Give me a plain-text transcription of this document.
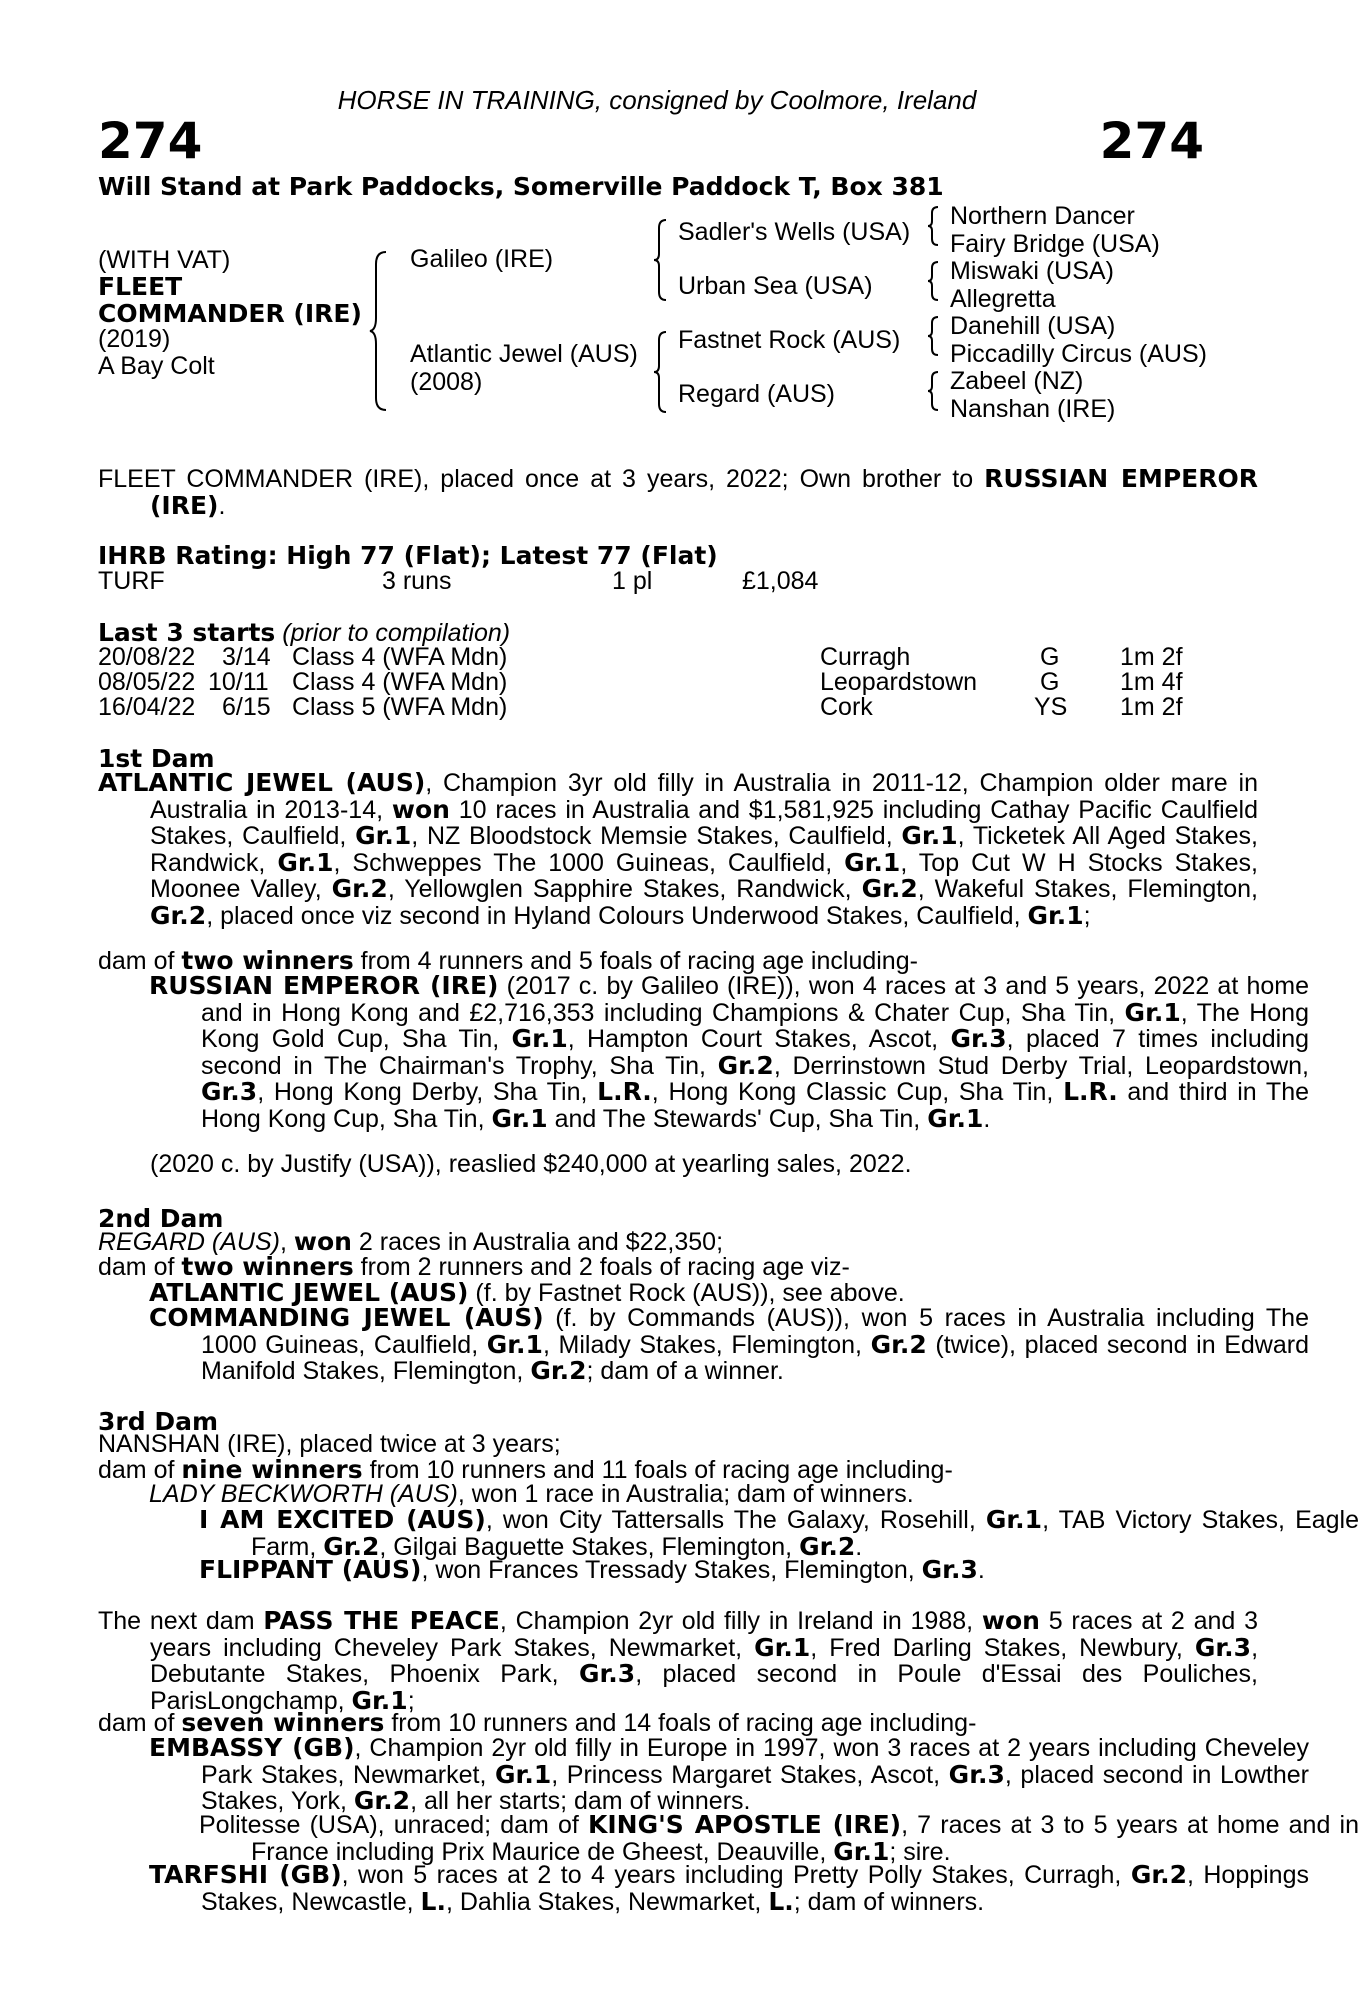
HORSE IN TRAINING, consigned by Coolmore, Ireland
274	274
Will Stand at Park Paddocks, Somerville Paddock T, Box 381
(WITH VAT)
FLEET
COMMANDER (IRE)
(2019)
A Bay Colt
Galileo (IRE)
Atlantic Jewel (AUS)
(2008)
Sadler's Wells (USA)
Urban Sea (USA)
Fastnet Rock (AUS)
Regard (AUS)
Northern Dancer
Fairy Bridge (USA)
Miswaki (USA)
Allegretta
Danehill (USA)
Piccadilly Circus (AUS)
Zabeel (NZ)
Nanshan (IRE)
FLEET COMMANDER (IRE), placed once at 3 years, 2022; Own brother to RUSSIAN EMPEROR (IRE).
IHRB Rating: High 77 (Flat); Latest 77 (Flat)
TURF	3 runs	1 pl	£1,084
Last 3 starts (prior to compilation)
20/08/22 3/14 Class 4 (WFA Mdn)	Curragh	G 1m 2f
08/05/22 10/11 Class 4 (WFA Mdn)	Leopardstown	G 1m 4f
16/04/22 6/15 Class 5 (WFA Mdn)	Cork	YS 1m 2f
1st Dam
ATLANTIC JEWEL (AUS), Champion 3yr old filly in Australia in 2011-12, Champion older mare in Australia in 2013-14, won 10 races in Australia and $1,581,925 including Cathay Pacific Caulfield Stakes, Caulfield, Gr.1, NZ Bloodstock Memsie Stakes, Caulfield, Gr.1, Ticketek All Aged Stakes, Randwick, Gr.1, Schweppes The 1000 Guineas, Caulfield, Gr.1, Top Cut W H Stocks Stakes, Moonee Valley, Gr.2, Yellowglen Sapphire Stakes, Randwick, Gr.2, Wakeful Stakes, Flemington, Gr.2, placed once viz second in Hyland Colours Underwood Stakes, Caulfield, Gr.1;
dam of two winners from 4 runners and 5 foals of racing age including-
RUSSIAN EMPEROR (IRE) (2017 c. by Galileo (IRE)), won 4 races at 3 and 5 years, 2022 at home and in Hong Kong and £2,716,353 including Champions & Chater Cup, Sha Tin, Gr.1, The Hong Kong Gold Cup, Sha Tin, Gr.1, Hampton Court Stakes, Ascot, Gr.3, placed 7 times including second in The Chairman's Trophy, Sha Tin, Gr.2, Derrinstown Stud Derby Trial, Leopardstown, Gr.3, Hong Kong Derby, Sha Tin, L.R., Hong Kong Classic Cup, Sha Tin, L.R. and third in The Hong Kong Cup, Sha Tin, Gr.1 and The Stewards' Cup, Sha Tin, Gr.1.
(2020 c. by Justify (USA)), reaslied $240,000 at yearling sales, 2022.
2nd Dam
REGARD (AUS), won 2 races in Australia and $22,350;
dam of two winners from 2 runners and 2 foals of racing age viz-
ATLANTIC JEWEL (AUS) (f. by Fastnet Rock (AUS)), see above.
COMMANDING JEWEL (AUS) (f. by Commands (AUS)), won 5 races in Australia including The 1000 Guineas, Caulfield, Gr.1, Milady Stakes, Flemington, Gr.2 (twice), placed second in Edward Manifold Stakes, Flemington, Gr.2; dam of a winner.
3rd Dam
NANSHAN (IRE), placed twice at 3 years;
dam of nine winners from 10 runners and 11 foals of racing age including-
LADY BECKWORTH (AUS), won 1 race in Australia; dam of winners.
I AM EXCITED (AUS), won City Tattersalls The Galaxy, Rosehill, Gr.1, TAB Victory Stakes, Eagle Farm, Gr.2, Gilgai Baguette Stakes, Flemington, Gr.2.
FLIPPANT (AUS), won Frances Tressady Stakes, Flemington, Gr.3.
The next dam PASS THE PEACE, Champion 2yr old filly in Ireland in 1988, won 5 races at 2 and 3 years including Cheveley Park Stakes, Newmarket, Gr.1, Fred Darling Stakes, Newbury, Gr.3, Debutante Stakes, Phoenix Park, Gr.3, placed second in Poule d'Essai des Pouliches, ParisLongchamp, Gr.1;
dam of seven winners from 10 runners and 14 foals of racing age including-
EMBASSY (GB), Champion 2yr old filly in Europe in 1997, won 3 races at 2 years including Cheveley Park Stakes, Newmarket, Gr.1, Princess Margaret Stakes, Ascot, Gr.3, placed second in Lowther Stakes, York, Gr.2, all her starts; dam of winners.
Politesse (USA), unraced; dam of KING'S APOSTLE (IRE), 7 races at 3 to 5 years at home and in France including Prix Maurice de Gheest, Deauville, Gr.1; sire.
TARFSHI (GB), won 5 races at 2 to 4 years including Pretty Polly Stakes, Curragh, Gr.2, Hoppings Stakes, Newcastle, L., Dahlia Stakes, Newmarket, L.; dam of winners.
